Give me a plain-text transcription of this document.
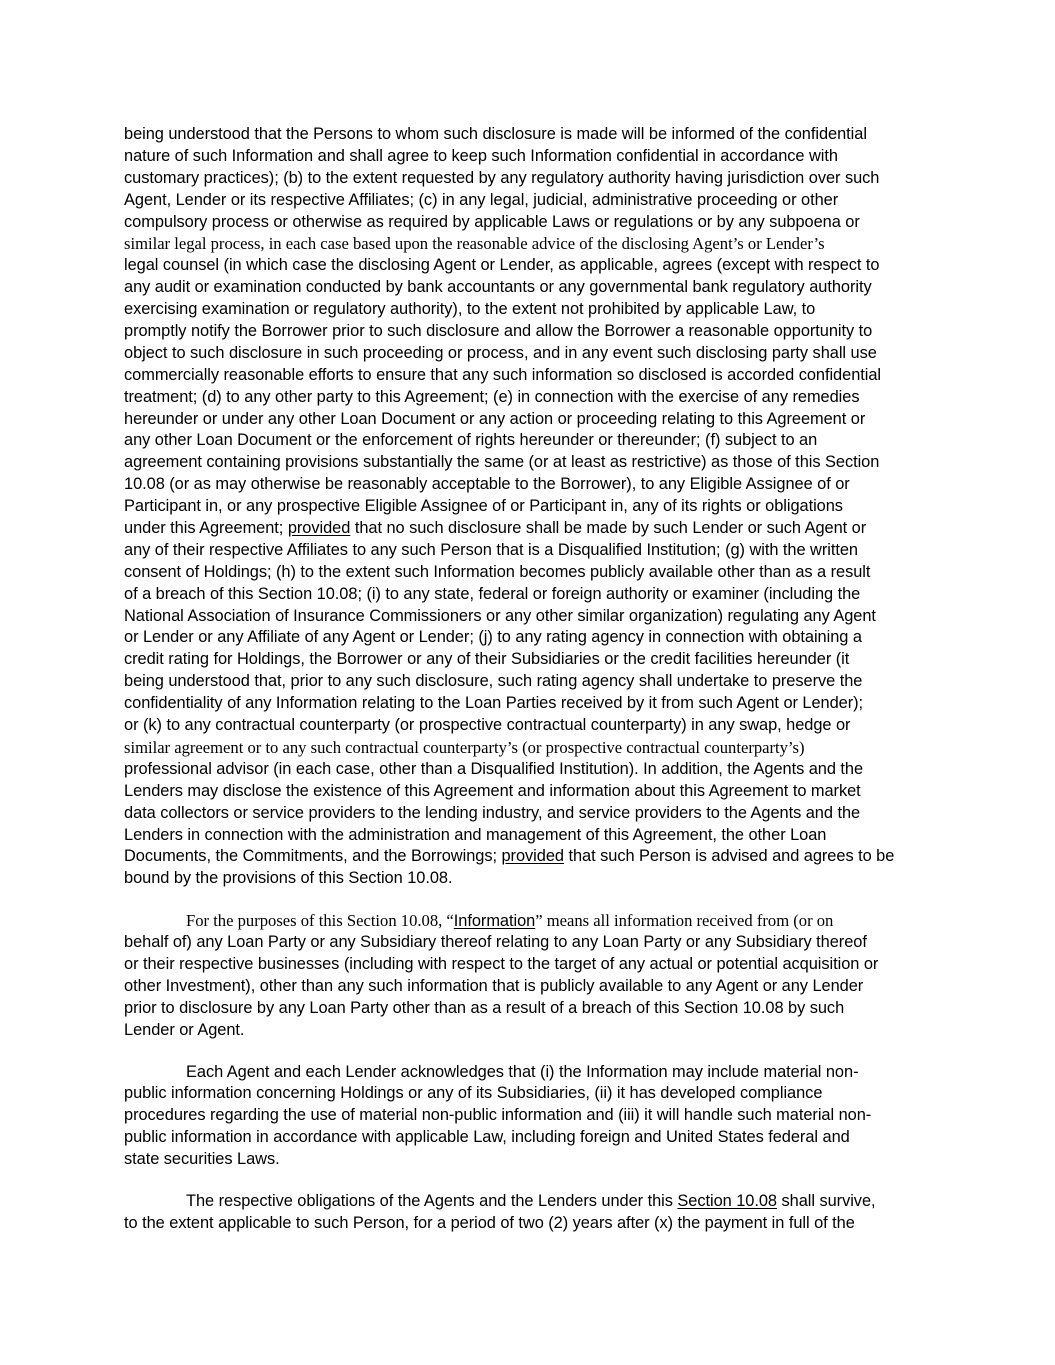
being understood that the Persons to whom such disclosure is made will be informed of the confidential
nature of such Information and shall agree to keep such Information confidential in accordance with
customary practices); (b) to the extent requested by any regulatory authority having jurisdiction over such
Agent, Lender or its respective Affiliates; (c) in any legal, judicial, administrative proceeding or other
compulsory process or otherwise as required by applicable Laws or regulations or by any subpoena or
similar legal process, in each case based upon the reasonable advice of the disclosing Agent’s or Lender’s
legal counsel (in which case the disclosing Agent or Lender, as applicable, agrees (except with respect to
any audit or examination conducted by bank accountants or any governmental bank regulatory authority
exercising examination or regulatory authority), to the extent not prohibited by applicable Law, to
promptly notify the Borrower prior to such disclosure and allow the Borrower a reasonable opportunity to
object to such disclosure in such proceeding or process, and in any event such disclosing party shall use
commercially reasonable efforts to ensure that any such information so disclosed is accorded confidential
treatment; (d) to any other party to this Agreement; (e) in connection with the exercise of any remedies
hereunder or under any other Loan Document or any action or proceeding relating to this Agreement or
any other Loan Document or the enforcement of rights hereunder or thereunder; (f) subject to an
agreement containing provisions substantially the same (or at least as restrictive) as those of this Section
10.08 (or as may otherwise be reasonably acceptable to the Borrower), to any Eligible Assignee of or
Participant in, or any prospective Eligible Assignee of or Participant in, any of its rights or obligations
under this Agreement; provided that no such disclosure shall be made by such Lender or such Agent or
any of their respective Affiliates to any such Person that is a Disqualified Institution; (g) with the written
consent of Holdings; (h) to the extent such Information becomes publicly available other than as a result
of a breach of this Section 10.08; (i) to any state, federal or foreign authority or examiner (including the
National Association of Insurance Commissioners or any other similar organization) regulating any Agent
or Lender or any Affiliate of any Agent or Lender; (j) to any rating agency in connection with obtaining a
credit rating for Holdings, the Borrower or any of their Subsidiaries or the credit facilities hereunder (it
being understood that, prior to any such disclosure, such rating agency shall undertake to preserve the
confidentiality of any Information relating to the Loan Parties received by it from such Agent or Lender);
or (k) to any contractual counterparty (or prospective contractual counterparty) in any swap, hedge or
similar agreement or to any such contractual counterparty’s (or prospective contractual counterparty’s)
professional advisor (in each case, other than a Disqualified Institution). In addition, the Agents and the
Lenders may disclose the existence of this Agreement and information about this Agreement to market
data collectors or service providers to the lending industry, and service providers to the Agents and the
Lenders in connection with the administration and management of this Agreement, the other Loan
Documents, the Commitments, and the Borrowings; provided that such Person is advised and agrees to be
bound by the provisions of this Section 10.08.
For the purposes of this Section 10.08, “Information” means all information received from (or on
behalf of) any Loan Party or any Subsidiary thereof relating to any Loan Party or any Subsidiary thereof
or their respective businesses (including with respect to the target of any actual or potential acquisition or
other Investment), other than any such information that is publicly available to any Agent or any Lender
prior to disclosure by any Loan Party other than as a result of a breach of this Section 10.08 by such
Lender or Agent.
Each Agent and each Lender acknowledges that (i) the Information may include material non-
public information concerning Holdings or any of its Subsidiaries, (ii) it has developed compliance
procedures regarding the use of material non-public information and (iii) it will handle such material non-
public information in accordance with applicable Law, including foreign and United States federal and
state securities Laws.
The respective obligations of the Agents and the Lenders under this Section 10.08 shall survive,
to the extent applicable to such Person, for a period of two (2) years after (x) the payment in full of the
